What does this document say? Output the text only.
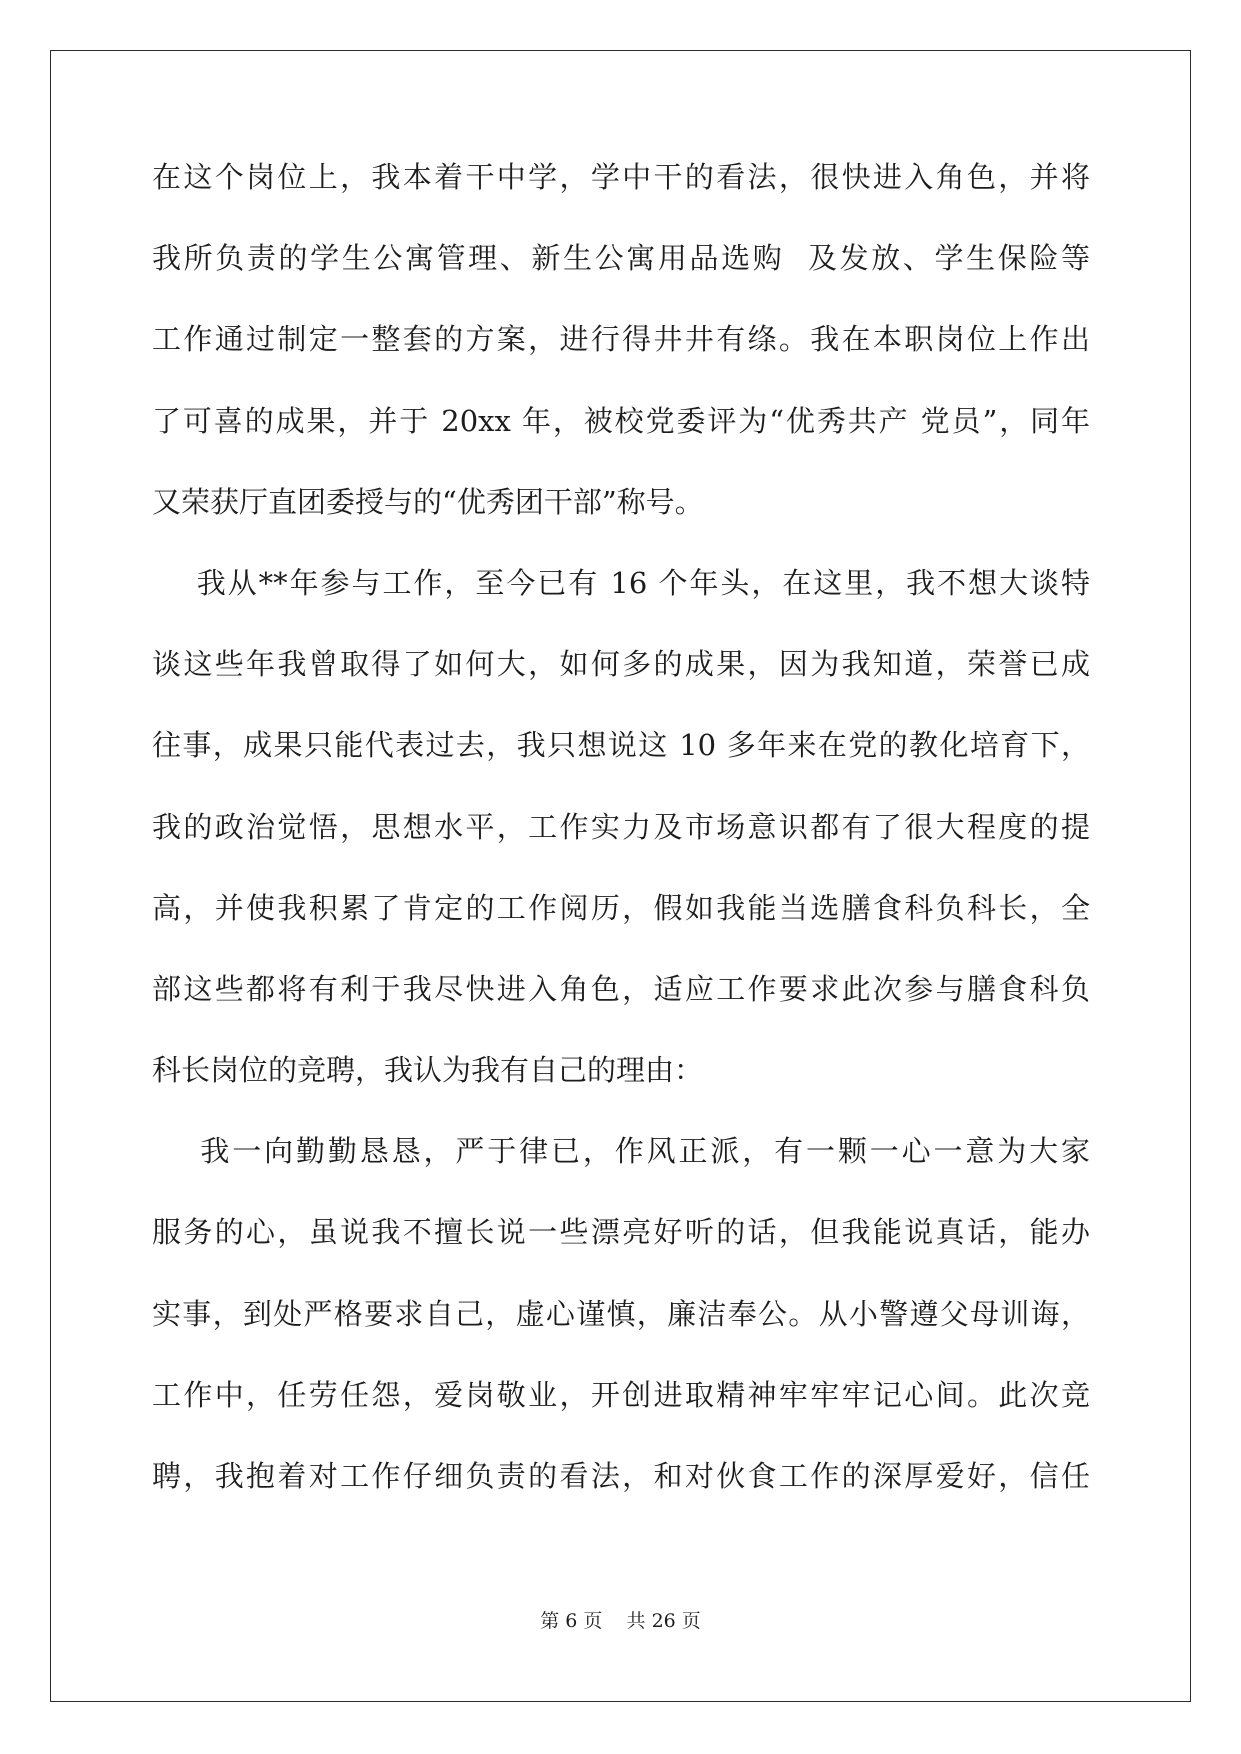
在这个岗位上，我本着干中学，学中干的看法，很快进入角色，并将
我所负责的学生公寓管理、新生公寓用品选购  及发放、学生保险等
工作通过制定一整套的方案，进行得井井有绦。我在本职岗位上作出
了可喜的成果，并于 20xx 年，被校党委评为“优秀共产 党员”，同年
又荣获厅直团委授与的“优秀团干部”称号。
我从**年参与工作，至今已有 16 个年头，在这里，我不想大谈特
谈这些年我曾取得了如何大，如何多的成果，因为我知道，荣誉已成
往事，成果只能代表过去，我只想说这 10 多年来在党的教化培育下，
我的政治觉悟，思想水平，工作实力及市场意识都有了很大程度的提
高，并使我积累了肯定的工作阅历，假如我能当选膳食科负科长，全
部这些都将有利于我尽快进入角色，适应工作要求此次参与膳食科负
科长岗位的竞聘，我认为我有自己的理由：
我一向勤勤恳恳，严于律已，作风正派，有一颗一心一意为大家
服务的心，虽说我不擅长说一些漂亮好听的话，但我能说真话，能办
实事，到处严格要求自己，虚心谨慎，廉洁奉公。从小警遵父母训诲，
工作中，任劳任怨，爱岗敬业，开创进取精神牢牢牢记心间。此次竞
聘，我抱着对工作仔细负责的看法，和对伙食工作的深厚爱好，信任
第 6 页    共 26 页
